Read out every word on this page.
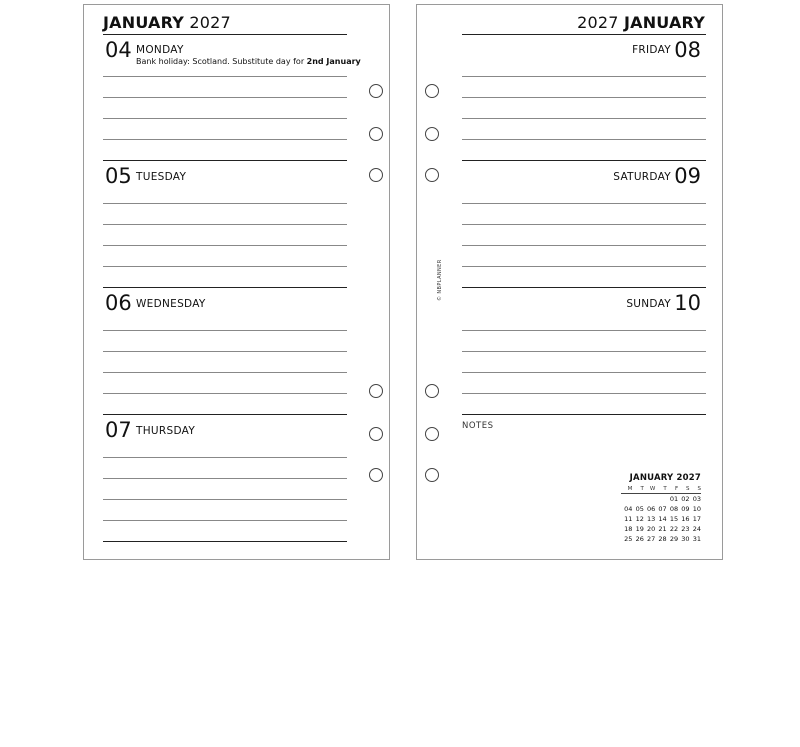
JANUARY 2027
04 MONDAY
Bank holiday: Scotland. Substitute day for 2nd January
05 TUESDAY
06 WEDNESDAY
07 THURSDAY
2027 JANUARY
FRIDAY 08
SATURDAY 09
SUNDAY 10
NOTES
© NBPLANNER
JANUARY 2027
M	T	W	T	F	S	S
				01	02	03
04	05	06	07	08	09	10
11	12	13	14	15	16	17
18	19	20	21	22	23	24
25	26	27	28	29	30	31
